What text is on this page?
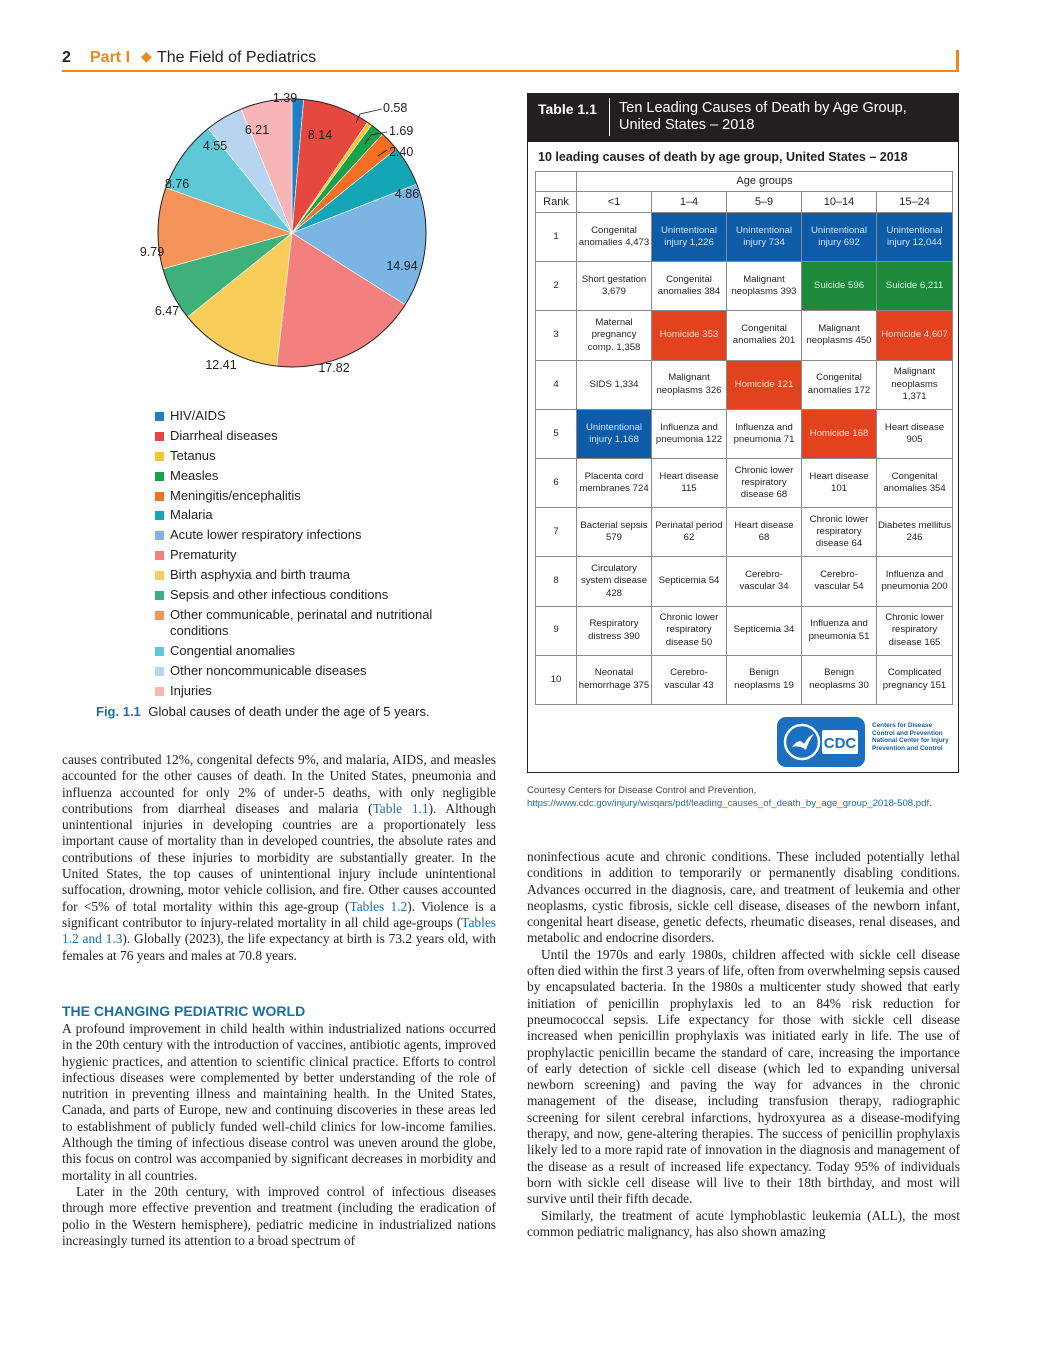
2 Part I ◆ The Field of Pediatrics
1.39
8.14
0.58
1.69
2.40
4.86
14.94
17.82
12.41
6.47
9.79
8.76
4.55
6.21
HIV/AIDS
Diarrheal diseases
Tetanus
Measles
Meningitis/encephalitis
Malaria
Acute lower respiratory infections
Prematurity
Birth asphyxia and birth trauma
Sepsis and other infectious conditions
Other communicable, perinatal and nutritional conditions
Congential anomalies
Other noncommunicable diseases
Injuries
Fig. 1.1 Global causes of death under the age of 5 years.

causes contributed 12%, congenital defects 9%, and malaria, AIDS, and measles accounted for the other causes of death. In the United States, pneumonia and influenza accounted for only 2% of under-5 deaths, with only negligible contributions from diarrheal diseases and malaria (Table 1.1). Although unintentional injuries in developing countries are a proportionately less important cause of mortality than in developed countries, the absolute rates and contributions of these injuries to morbidity are substantially greater. In the United States, the top causes of unintentional injury include unintentional suffocation, drowning, motor vehicle collision, and fire. Other causes accounted for <5% of total mortality within this age-group (Tables 1.2). Violence is a significant contributor to injury-related mortality in all child age-groups (Tables 1.2 and 1.3). Globally (2023), the life expectancy at birth is 73.2 years old, with females at 76 years and males at 70.8 years.

THE CHANGING PEDIATRIC WORLD

A profound improvement in child health within industrialized nations occurred in the 20th century with the introduction of vaccines, antibiotic agents, improved hygienic practices, and attention to scientific clinical practice. Efforts to control infectious diseases were complemented by better understanding of the role of nutrition in preventing illness and maintaining health. In the United States, Canada, and parts of Europe, new and continuing discoveries in these areas led to establishment of publicly funded well-child clinics for low-income families. Although the timing of infectious disease control was uneven around the globe, this focus on control was accompanied by significant decreases in morbidity and mortality in all countries.

Later in the 20th century, with improved control of infectious diseases through more effective prevention and treatment (including the eradication of polio in the Western hemisphere), pediatric medicine in industrialized nations increasingly turned its attention to a broad spectrum of

noninfectious acute and chronic conditions. These included potentially lethal conditions in addition to temporarily or permanently disabling conditions. Advances occurred in the diagnosis, care, and treatment of leukemia and other neoplasms, cystic fibrosis, sickle cell disease, diseases of the newborn infant, congenital heart disease, genetic defects, rheumatic diseases, renal diseases, and metabolic and endocrine disorders.

Until the 1970s and early 1980s, children affected with sickle cell disease often died within the first 3 years of life, often from overwhelming sepsis caused by encapsulated bacteria. In the 1980s a multicenter study showed that early initiation of penicillin prophylaxis led to an 84% risk reduction for pneumococcal sepsis. Life expectancy for those with sickle cell disease increased when penicillin prophylaxis was initiated early in life. The use of prophylactic penicillin became the standard of care, increasing the importance of early detection of sickle cell disease (which led to expanding universal newborn screening) and paving the way for advances in the chronic management of the disease, including transfusion therapy, radiographic screening for silent cerebral infarctions, hydroxyurea as a disease-modifying therapy, and now, gene-altering therapies. The success of penicillin prophylaxis likely led to a more rapid rate of innovation in the diagnosis and management of the disease as a result of increased life expectancy. Today 95% of individuals born with sickle cell disease will live to their 18th birthday, and most will survive until their fifth decade.

Similarly, the treatment of acute lymphoblastic leukemia (ALL), the most common pediatric malignancy, has also shown amazing

Table 1.1 Ten Leading Causes of Death by Age Group, United States – 2018
10 leading causes of death by age group, United States – 2018
	Age groups				
Rank	<1	1–4	5–9	10–14	15–24
1	Congenital anomalies 4,473	Unintentional injury 1,226	Unintentional injury 734	Unintentional injury 692	Unintentional injury 12,044
2	Short gestation 3,679	Congenital anomalies 384	Malignant neoplasms 393	Suicide 596	Suicide 6,211
3	Maternal pregnancy comp. 1,358	Homicide 353	Congenital anomalies 201	Malignant neoplasms 450	Homicide 4,607
4	SIDS 1,334	Malignant neoplasms 326	Homicide 121	Congenital anomalies 172	Malignant neoplasms 1,371
5	Unintentional injury 1,168	Influenza and pneumonia 122	Influenza and pneumonia 71	Homicide 168	Heart disease 905
6	Placenta cord membranes 724	Heart disease 115	Chronic lower respiratory disease 68	Heart disease 101	Congenital anomalies 354
7	Bacterial sepsis 579	Perinatal period 62	Heart disease 68	Chronic lower respiratory disease 64	Diabetes mellitus 246
8	Circulatory system disease 428	Septicemia 54	Cerebro-vascular 34	Cerebro-vascular 54	Influenza and pneumonia 200
9	Respiratory distress 390	Chronic lower respiratory disease 50	Septicemia 34	Influenza and pneumonia 51	Chronic lower respiratory disease 165
10	Neonatal hemorrhage 375	Cerebro-vascular 43	Benign neoplasms 19	Benign neoplasms 30	Complicated pregnancy 151
CDC
Centers for Disease
Control and Prevention
National Center for Injury
Prevention and Control
Courtesy Centers for Disease Control and Prevention, https://www.cdc.gov/injury/wisqars/pdf/leading_causes_of_death_by_age_group_2018-508.pdf.
